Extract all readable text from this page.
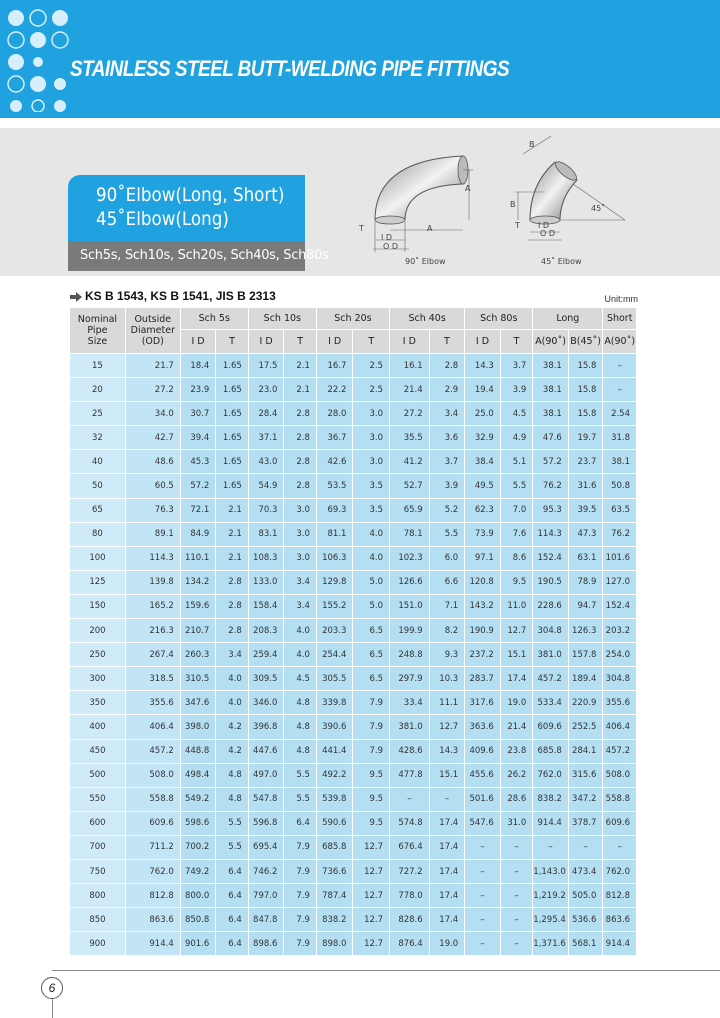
STAINLESS STEEL BUTT-WELDING PIPE FITTINGS
90˚Elbow(Long, Short)
45˚Elbow(Long)
Sch5s, Sch10s, Sch20s, Sch40s, Sch80s
A
A
T
I D
O D
90˚ Elbow
B
B
T I D
O D
45˚
45˚ Elbow
KS B 1543, KS B 1541, JIS B 2313	Unit:mm
Nominal
Pipe
Size	Outside
Diameter
(OD)	Sch 5s		Sch 10s		Sch 20s		Sch 40s		Sch 80s		Long		Short
		I D	T	I D	T	I D	T	I D	T	I D	T	A(90˚)	B(45˚)	A(90˚)
15	21.7	18.4	1.65	17.5	2.1	16.7	2.5	16.1	2.8	14.3	3.7	38.1	15.8	–
20	27.2	23.9	1.65	23.0	2.1	22.2	2.5	21.4	2.9	19.4	3.9	38.1	15.8	–
25	34.0	30.7	1.65	28.4	2.8	28.0	3.0	27.2	3.4	25.0	4.5	38.1	15.8	2.54
32	42.7	39.4	1.65	37.1	2.8	36.7	3.0	35.5	3.6	32.9	4.9	47.6	19.7	31.8
40	48.6	45.3	1.65	43.0	2.8	42.6	3.0	41.2	3.7	38.4	5.1	57.2	23.7	38.1
50	60.5	57.2	1.65	54.9	2.8	53.5	3.5	52.7	3.9	49.5	5.5	76.2	31.6	50.8
65	76.3	72.1	2.1	70.3	3.0	69.3	3.5	65.9	5.2	62.3	7.0	95.3	39.5	63.5
80	89.1	84.9	2.1	83.1	3.0	81.1	4.0	78.1	5.5	73.9	7.6	114.3	47.3	76.2
100	114.3	110.1	2.1	108.3	3.0	106.3	4.0	102.3	6.0	97.1	8.6	152.4	63.1	101.6
125	139.8	134.2	2.8	133.0	3.4	129.8	5.0	126.6	6.6	120.8	9.5	190.5	78.9	127.0
150	165.2	159.6	2.8	158.4	3.4	155.2	5.0	151.0	7.1	143.2	11.0	228.6	94.7	152.4
200	216.3	210.7	2.8	208.3	4.0	203.3	6.5	199.9	8.2	190.9	12.7	304.8	126.3	203.2
250	267.4	260.3	3.4	259.4	4.0	254.4	6.5	248.8	9.3	237.2	15.1	381.0	157.8	254.0
300	318.5	310.5	4.0	309.5	4.5	305.5	6.5	297.9	10.3	283.7	17.4	457.2	189.4	304.8
350	355.6	347.6	4.0	346.0	4.8	339.8	7.9	33.4	11.1	317.6	19.0	533.4	220.9	355.6
400	406.4	398.0	4.2	396.8	4.8	390.6	7.9	381.0	12.7	363.6	21.4	609.6	252.5	406.4
450	457.2	448.8	4.2	447.6	4.8	441.4	7.9	428.6	14.3	409.6	23.8	685.8	284.1	457.2
500	508.0	498.4	4.8	497.0	5.5	492.2	9.5	477.8	15.1	455.6	26.2	762.0	315.6	508.0
550	558.8	549.2	4.8	547.8	5.5	539.8	9.5	–	–	501.6	28.6	838.2	347.2	558.8
600	609.6	598.6	5.5	596.8	6.4	590.6	9.5	574.8	17.4	547.6	31.0	914.4	378.7	609.6
700	711.2	700.2	5.5	695.4	7.9	685.8	12.7	676.4	17.4	–	–	–	–	–
750	762.0	749.2	6.4	746.2	7.9	736.6	12.7	727.2	17.4	–	–	1,143.0	473.4	762.0
800	812.8	800.0	6.4	797.0	7.9	787.4	12.7	778.0	17.4	–	–	1,219.2	505.0	812.8
850	863.6	850.8	6.4	847.8	7.9	838.2	12.7	828.6	17.4	–	–	1,295.4	536.6	863.6
900	914.4	901.6	6.4	898.6	7.9	898.0	12.7	876.4	19.0	–	–	1,371.6	568.1	914.4
6
